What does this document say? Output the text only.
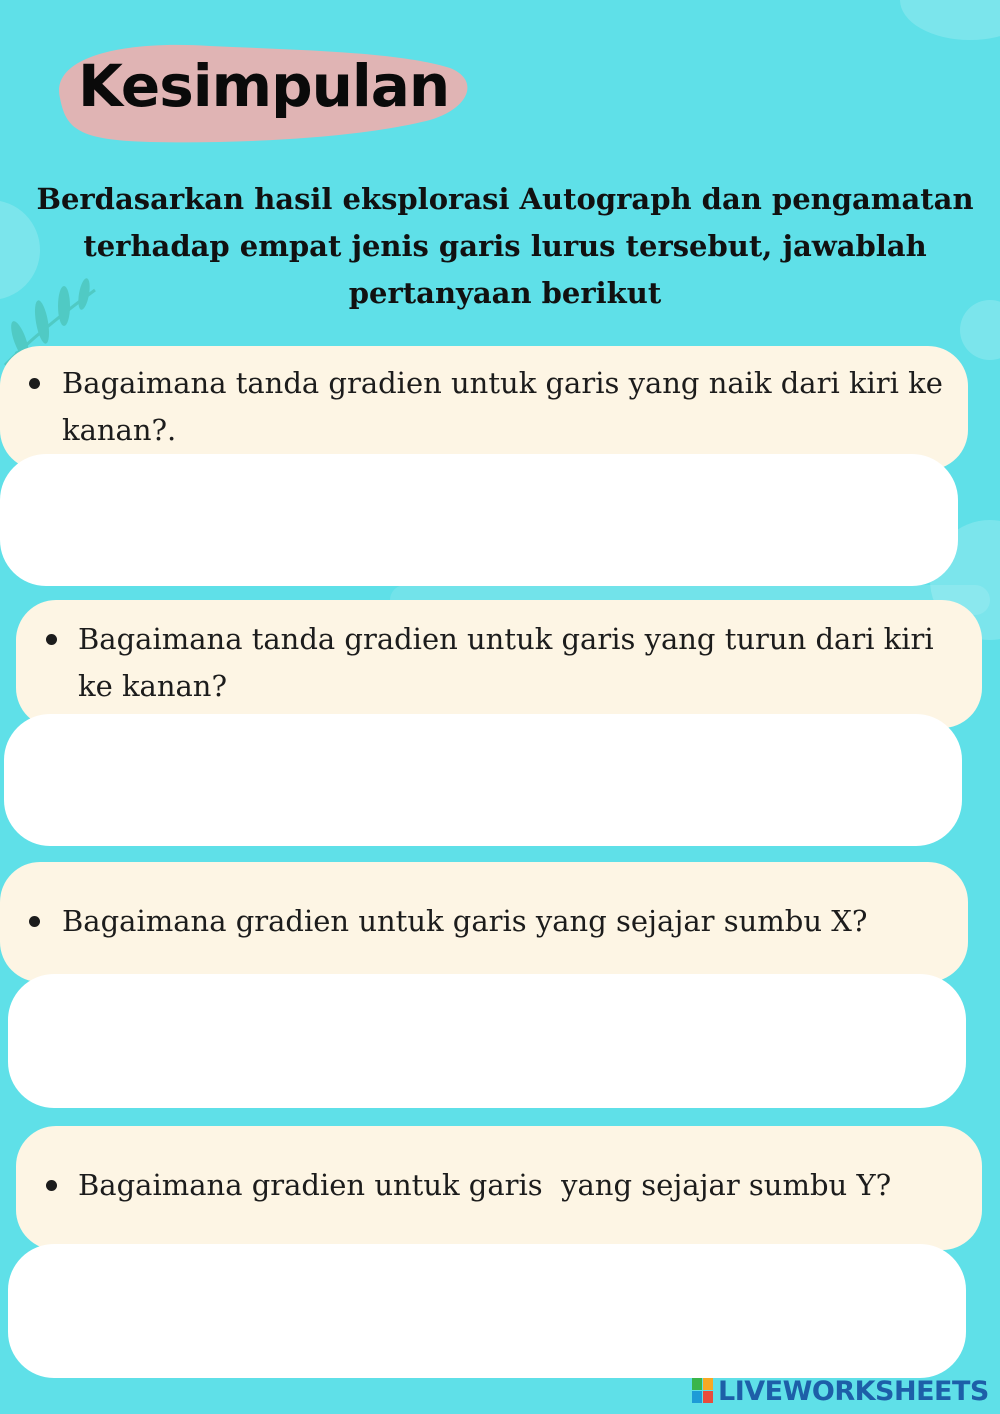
Kesimpulan

Berdasarkan hasil eksplorasi Autograph dan pengamatan terhadap empat jenis garis lurus tersebut, jawablah pertanyaan berikut

Bagaimana tanda gradien untuk garis yang naik dari kiri ke kanan?.

Bagaimana tanda gradien untuk garis yang turun dari kiri ke kanan?

Bagaimana gradien untuk garis yang sejajar sumbu X?

Bagaimana gradien untuk garis  yang sejajar sumbu Y?

LIVEWORKSHEETS
